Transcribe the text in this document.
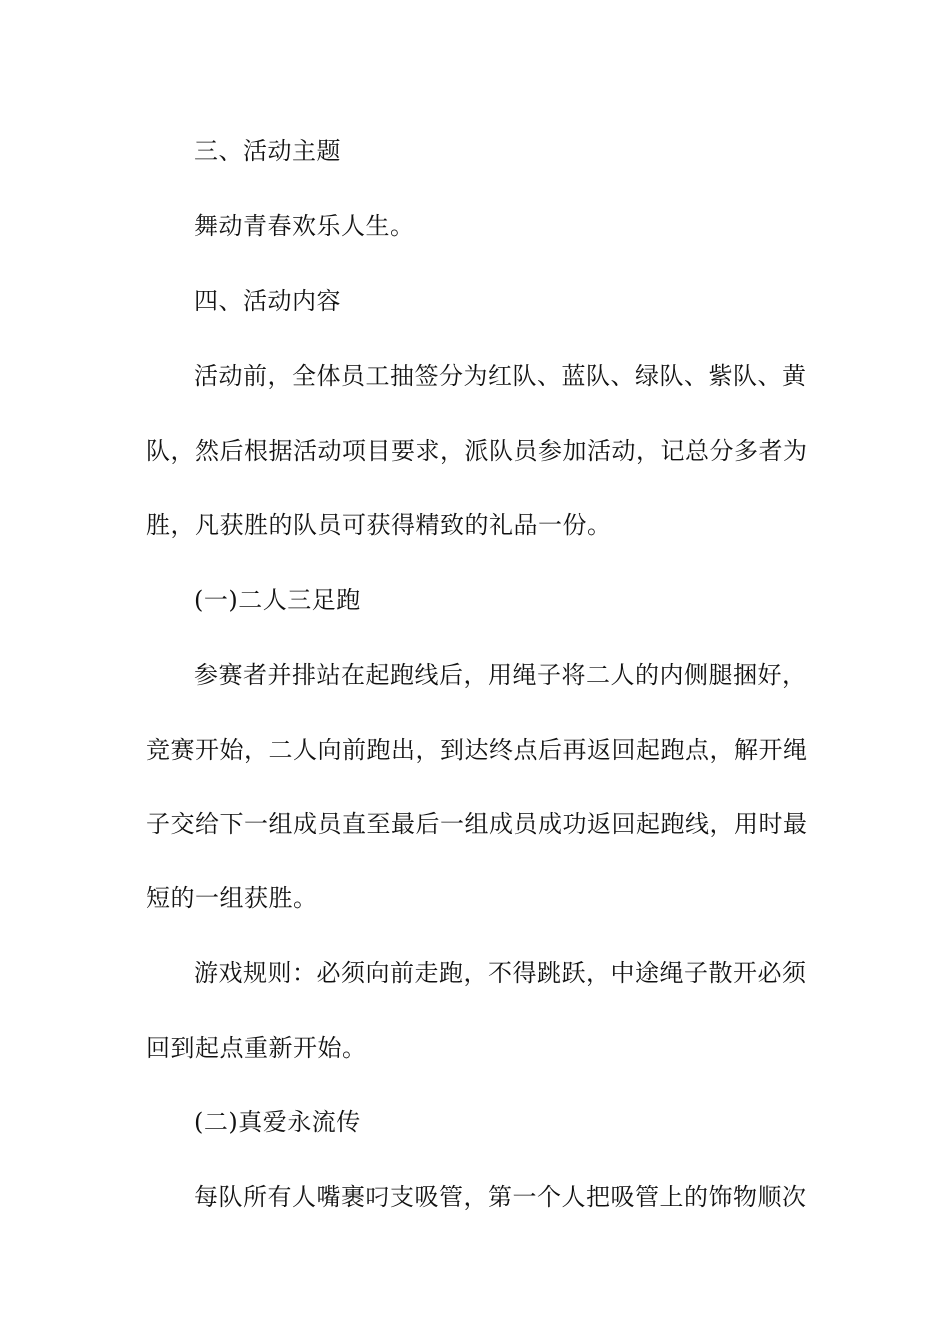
三、活动主题
舞动青春欢乐人生。
四、活动内容
活动前，全体员工抽签分为红队、蓝队、绿队、紫队、黄
队，然后根据活动项目要求，派队员参加活动，记总分多者为
胜，凡获胜的队员可获得精致的礼品一份。
(一)二人三足跑
参赛者并排站在起跑线后，用绳子将二人的内侧腿捆好，
竞赛开始，二人向前跑出，到达终点后再返回起跑点，解开绳
子交给下一组成员直至最后一组成员成功返回起跑线，用时最
短的一组获胜。
游戏规则：必须向前走跑，不得跳跃，中途绳子散开必须
回到起点重新开始。
(二)真爱永流传
每队所有人嘴裹叼支吸管，第一个人把吸管上的饰物顺次
